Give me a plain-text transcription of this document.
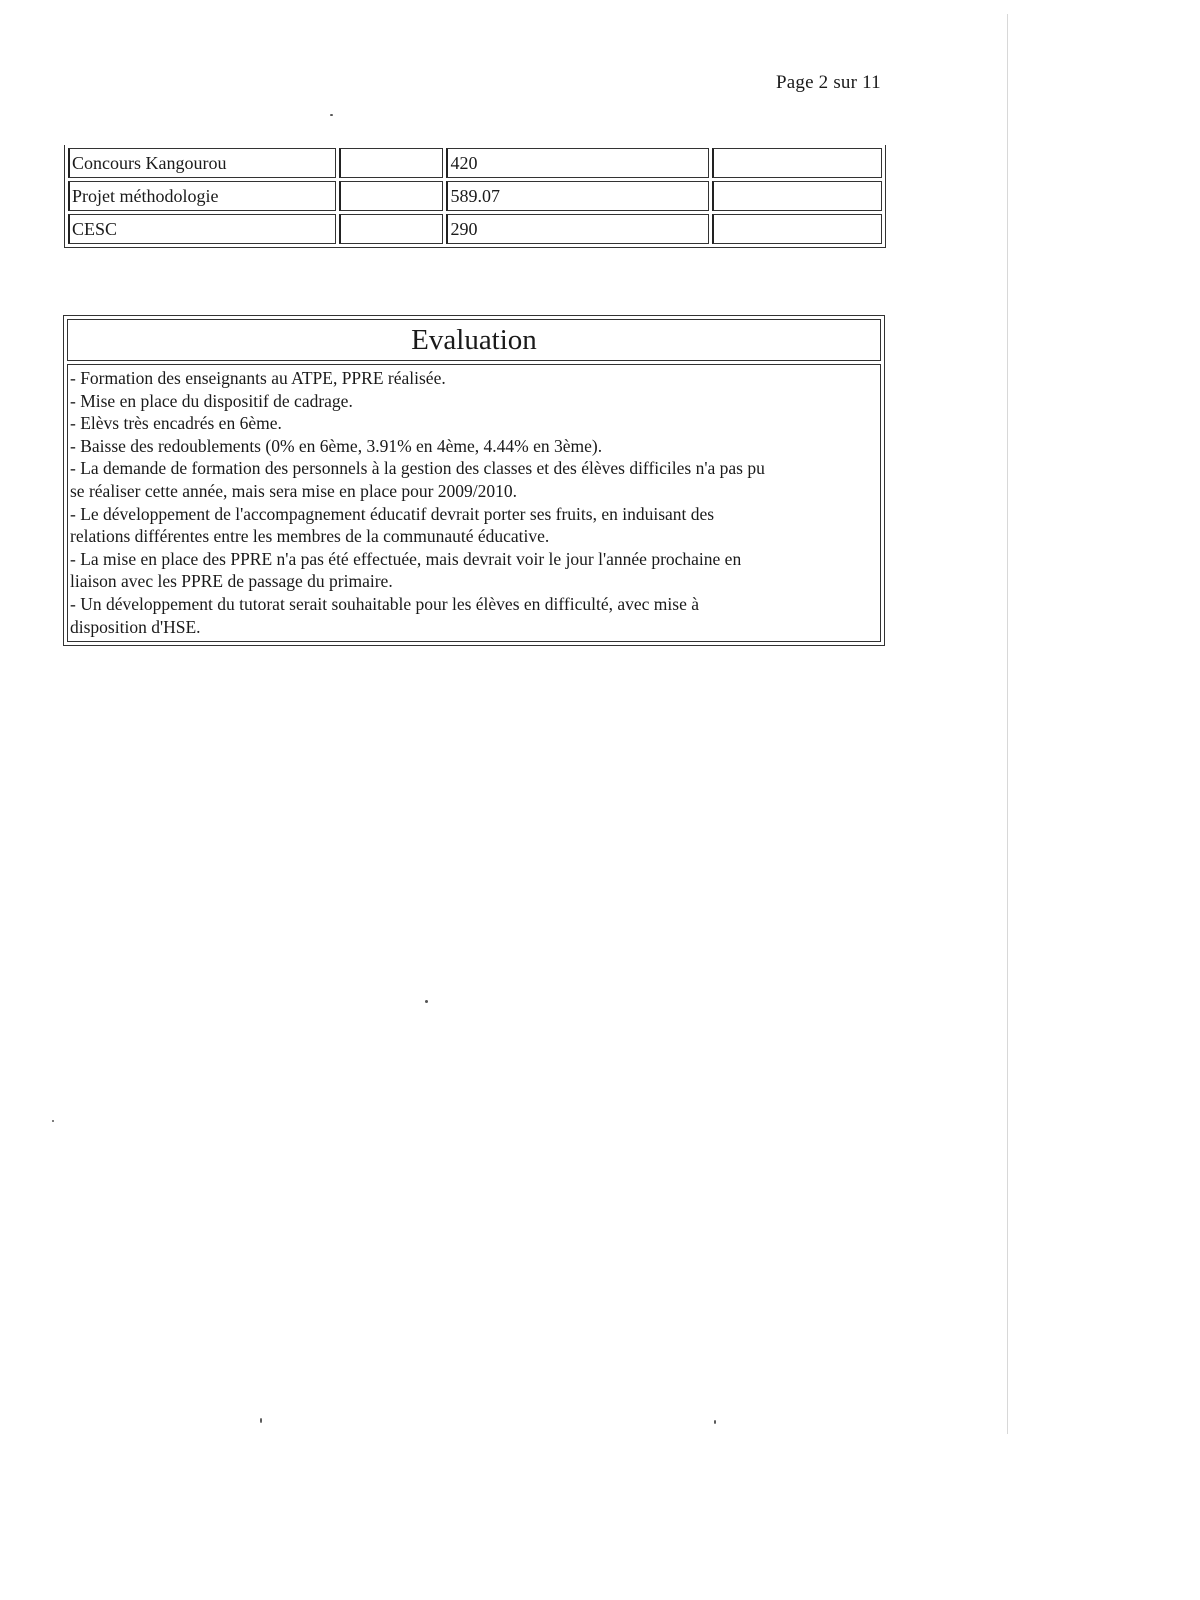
Page 2 sur 11
Concours Kangourou		420	
Projet méthodologie		589.07	
CESC		290	
Evaluation
- Formation des enseignants au ATPE, PPRE réalisée.
- Mise en place du dispositif de cadrage.
- Elèvs très encadrés en 6ème.
- Baisse des redoublements (0% en 6ème, 3.91% en 4ème, 4.44% en 3ème).
- La demande de formation des personnels à la gestion des classes et des élèves difficiles n'a pas pu
se réaliser cette année, mais sera mise en place pour 2009/2010.
- Le développement de l'accompagnement éducatif devrait porter ses fruits, en induisant des
relations différentes entre les membres de la communauté éducative.
- La mise en place des PPRE n'a pas été effectuée, mais devrait voir le jour l'année prochaine en
liaison avec les PPRE de passage du primaire.
- Un développement du tutorat serait souhaitable pour les élèves en difficulté, avec mise à
disposition d'HSE.
